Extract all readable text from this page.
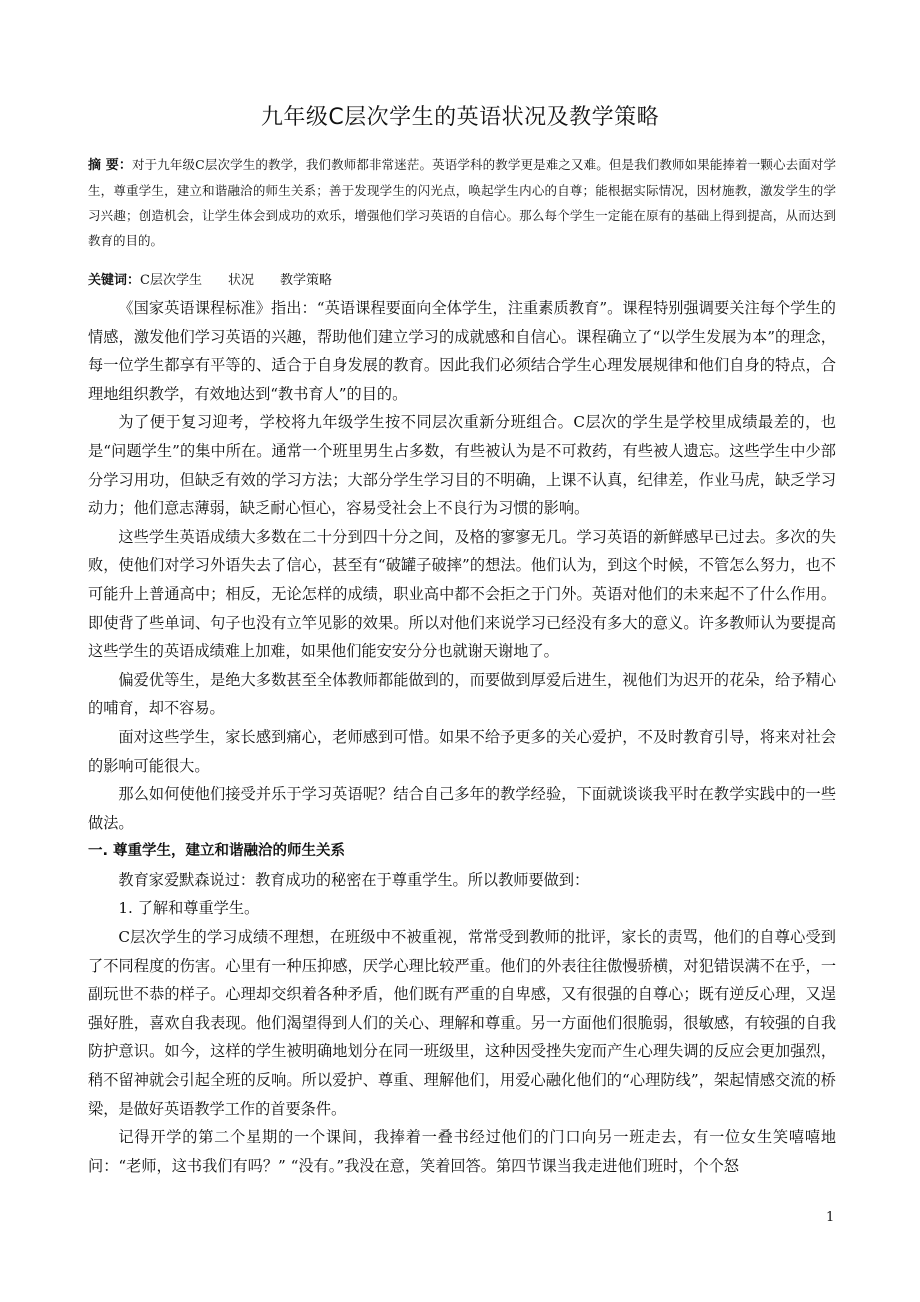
九年级C层次学生的英语状况及教学策略
摘 要：对于九年级C层次学生的教学，我们教师都非常迷茫。英语学科的教学更是难之又难。但是我们教师如果能捧着一颗心去面对学生，尊重学生，建立和谐融洽的师生关系；善于发现学生的闪光点，唤起学生内心的自尊；能根据实际情况，因材施教，激发学生的学习兴趣；创造机会，让学生体会到成功的欢乐，增强他们学习英语的自信心。那么每个学生一定能在原有的基础上得到提高，从而达到教育的目的。
关键词：C层次学生 状况 教学策略

《国家英语课程标准》指出：“英语课程要面向全体学生，注重素质教育”。课程特别强调要关注每个学生的情感，激发他们学习英语的兴趣，帮助他们建立学习的成就感和自信心。课程确立了“以学生发展为本”的理念，每一位学生都享有平等的、适合于自身发展的教育。因此我们必须结合学生心理发展规律和他们自身的特点，合理地组织教学，有效地达到“教书育人”的目的。

为了便于复习迎考，学校将九年级学生按不同层次重新分班组合。C层次的学生是学校里成绩最差的，也是“问题学生”的集中所在。通常一个班里男生占多数，有些被认为是不可救药，有些被人遗忘。这些学生中少部分学习用功，但缺乏有效的学习方法；大部分学生学习目的不明确，上课不认真，纪律差，作业马虎，缺乏学习动力；他们意志薄弱，缺乏耐心恒心，容易受社会上不良行为习惯的影响。

这些学生英语成绩大多数在二十分到四十分之间，及格的寥寥无几。学习英语的新鲜感早已过去。多次的失败，使他们对学习外语失去了信心，甚至有“破罐子破摔”的想法。他们认为，到这个时候，不管怎么努力，也不可能升上普通高中；相反，无论怎样的成绩，职业高中都不会拒之于门外。英语对他们的未来起不了什么作用。即使背了些单词、句子也没有立竿见影的效果。所以对他们来说学习已经没有多大的意义。许多教师认为要提高这些学生的英语成绩难上加难，如果他们能安安分分也就谢天谢地了。

偏爱优等生，是绝大多数甚至全体教师都能做到的，而要做到厚爱后进生，视他们为迟开的花朵，给予精心的哺育，却不容易。

面对这些学生，家长感到痛心，老师感到可惜。如果不给予更多的关心爱护，不及时教育引导，将来对社会的影响可能很大。

那么如何使他们接受并乐于学习英语呢？结合自己多年的教学经验，下面就谈谈我平时在教学实践中的一些做法。

一. 尊重学生，建立和谐融洽的师生关系

教育家爱默森说过：教育成功的秘密在于尊重学生。所以教师要做到：

1. 了解和尊重学生。

C层次学生的学习成绩不理想，在班级中不被重视，常常受到教师的批评，家长的责骂，他们的自尊心受到了不同程度的伤害。心里有一种压抑感，厌学心理比较严重。他们的外表往往傲慢骄横，对犯错误满不在乎，一副玩世不恭的样子。心理却交织着各种矛盾，他们既有严重的自卑感，又有很强的自尊心；既有逆反心理，又逞强好胜，喜欢自我表现。他们渴望得到人们的关心、理解和尊重。另一方面他们很脆弱，很敏感，有较强的自我防护意识。如今，这样的学生被明确地划分在同一班级里，这种因受挫失宠而产生心理失调的反应会更加强烈，稍不留神就会引起全班的反响。所以爱护、尊重、理解他们，用爱心融化他们的“心理防线”，架起情感交流的桥梁，是做好英语教学工作的首要条件。

记得开学的第二个星期的一个课间，我捧着一叠书经过他们的门口向另一班走去，有一位女生笑嘻嘻地问：“老师，这书我们有吗？” “没有。”我没在意，笑着回答。第四节课当我走进他们班时，个个怒

1
